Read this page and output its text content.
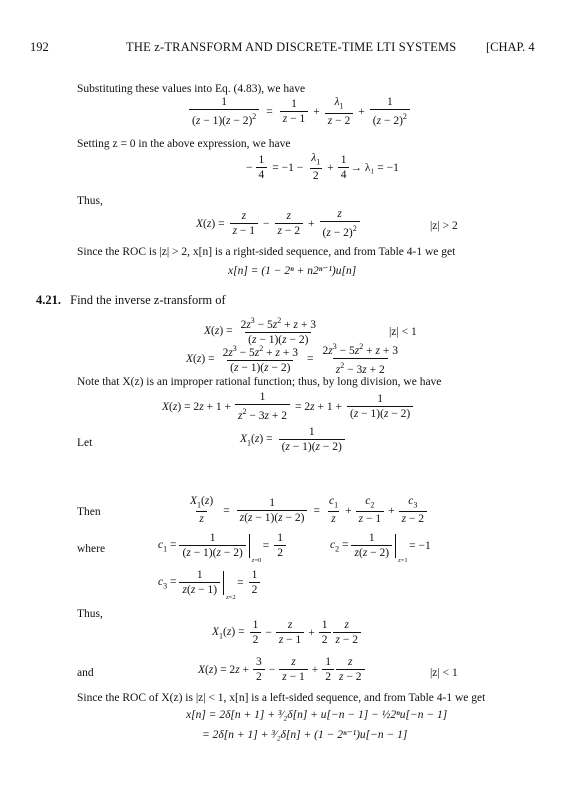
192	THE z-TRANSFORM AND DISCRETE-TIME LTI SYSTEMS [CHAP. 4
Substituting these values into Eq. (4.83), we have
$\frac{1}{(z - 1)(z - 2)^2} = \frac{1}{z - 1} + \frac{\lambda_1}{z - 2} + \frac{1}{(z - 2)^2}$
Setting z = 0 in the above expression, we have
− $\frac{1}{4} = -1 - \frac{\lambda_1}{2} + \frac{1}{4} \to \lambda_1 = -1$
Thus,
$X(z) = \frac{z}{z - 1} - \frac{z}{z - 2} + \frac{z}{(z - 2)^2}$	|z| > 2
Since the ROC is |z| > 2, x[n] is a right-sided sequence, and from Table 4-1 we get
x[n] = (1 − 2ⁿ + n2ⁿ⁻¹)u[n]
4.21. Find the inverse z-transform of
$X(z) = \frac{2z^3 - 5z^2 + z + 3}{(z - 1)(z - 2)}$	|z| < 1
$X(z) = \frac{2z^3 - 5z^2 + z + 3}{(z - 1)(z - 2)} = \frac{2z^3 - 5z^2 + z + 3}{z^2 - 3z + 2}$
Note that X(z) is an improper rational function; thus, by long division, we have
$X(z) = 2z + 1 + \frac{1}{z^2 - 3z + 2} = 2z + 1 + \frac{1}{(z - 1)(z - 2)}$
Let	$X_1(z) = \frac{1}{(z - 1)(z - 2)}$
Then	$\frac{X_1(z)}{z} = \frac{1}{z(z - 1)(z - 2)} = \frac{c_1}{z} + \frac{c_2}{z - 1} + \frac{c_3}{z - 2}$
where	$c_1 = \frac{1}{(z - 1)(z - 2)}$
z=0
= $\frac{1}{2}$	$c_2 = \frac{1}{z(z - 2)}$
z=1
= −1
$c_3 = \frac{1}{z(z - 1)}$
z=2
= $\frac{1}{2}$
Thus,
$X_1(z) = \frac{1}{2} - \frac{z}{z - 1} + \frac{1}{2} \frac{z}{z - 2}$
and	$X(z) = 2z + \frac{3}{2} - \frac{z}{z - 1} + \frac{1}{2} \frac{z}{z - 2}$	|z| < 1
Since the ROC of X(z) is |z| < 1, x[n] is a left-sided sequence, and from Table 4-1 we get
x[n] = 2δ[n + 1] + ³⁄₂δ[n] + u[−n − 1] − ½2ⁿu[−n − 1]
= 2δ[n + 1] + ³⁄₂δ[n] + (1 − 2ⁿ⁻¹)u[−n − 1]
